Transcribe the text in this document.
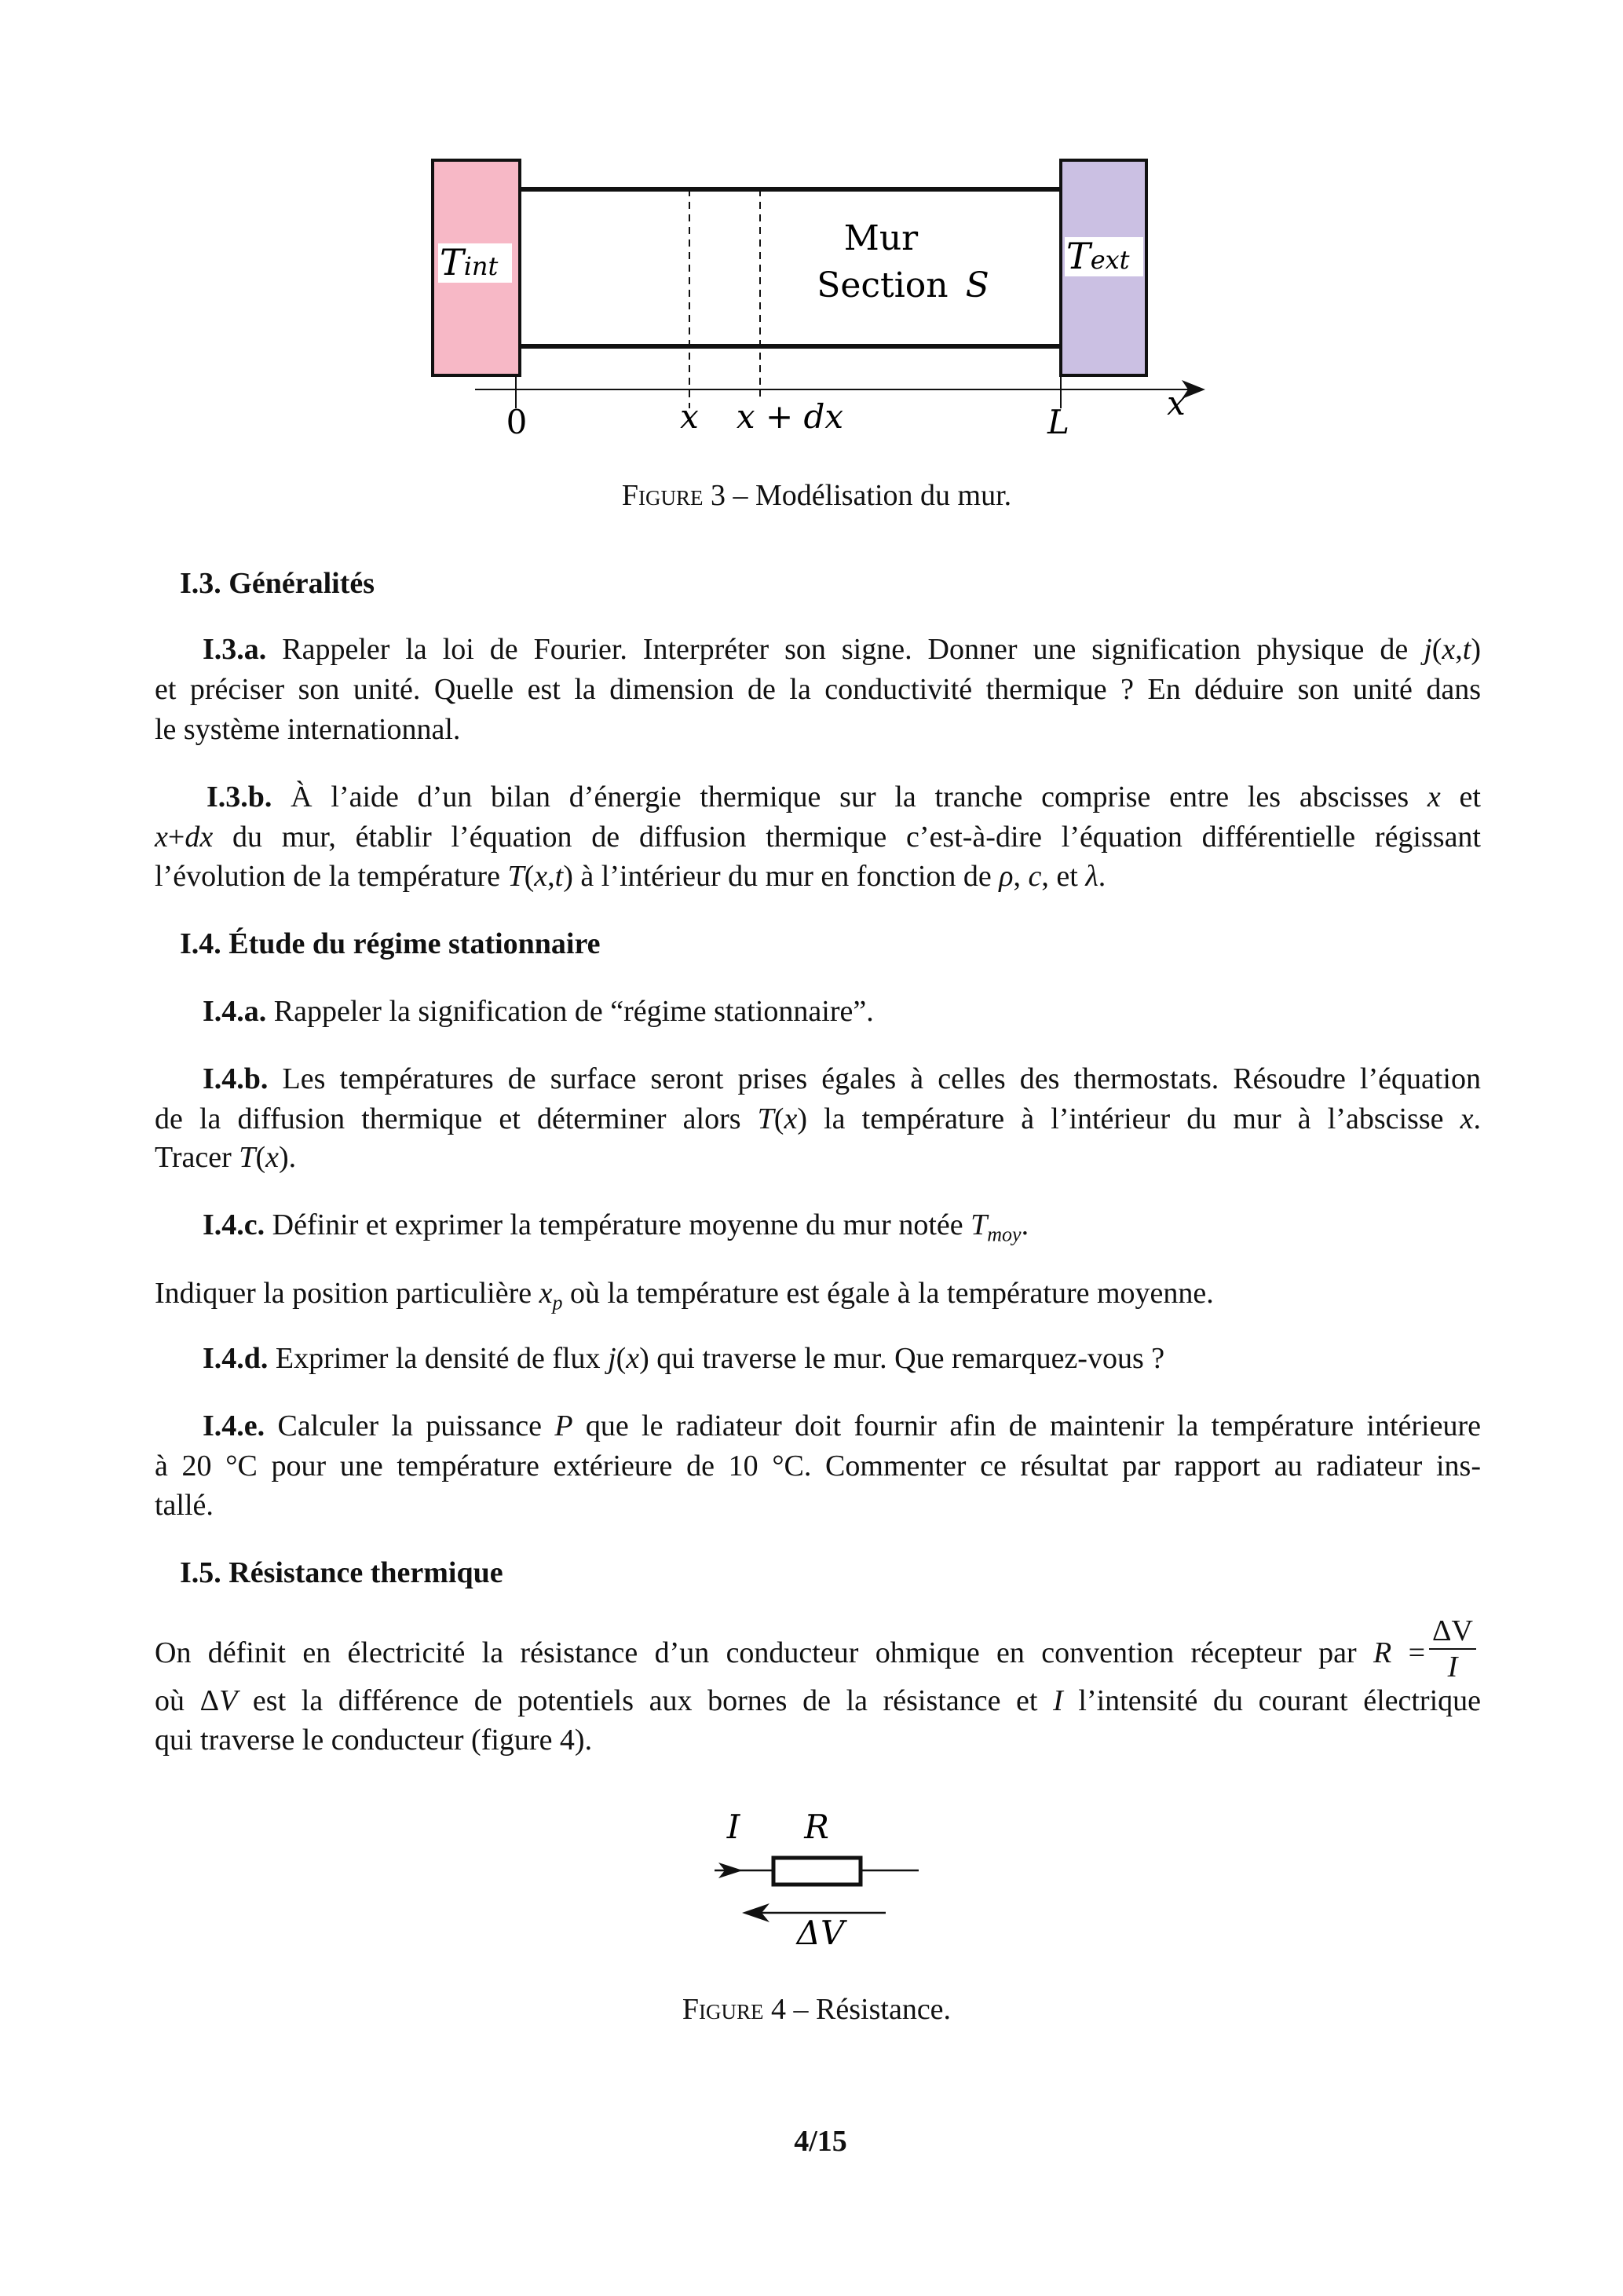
Tint	Text
Mur
Section S
0	x x + dx	L	x
Figure 3 – Modélisation du mur.
I.3. Généralités
I.4. Étude du régime stationnaire
I.5. Résistance thermique
I.3.a. Rappeler la loi de Fourier. Interpréter son signe. Donner une signification physique de j(x,t)
et préciser son unité. Quelle est la dimension de la conductivité thermique ? En déduire son unité dans
le système internationnal.
I.3.b. À l’aide d’un bilan d’énergie thermique sur la tranche comprise entre les abscisses x et
x+dx du mur, établir l’équation de diffusion thermique c’est-à-dire l’équation différentielle régissant
l’évolution de la température T(x,t) à l’intérieur du mur en fonction de ρ, c, et λ.
I.4.a. Rappeler la signification de “régime stationnaire”.
I.4.b. Les températures de surface seront prises égales à celles des thermostats. Résoudre l’équation
de la diffusion thermique et déterminer alors T(x) la température à l’intérieur du mur à l’abscisse x.
Tracer T(x).
I.4.c. Définir et exprimer la température moyenne du mur notée $T_{moy}$.
Indiquer la position particulière $x_p$ où la température est égale à la température moyenne.
I.4.d. Exprimer la densité de flux j(x) qui traverse le mur. Que remarquez-vous ?
I.4.e. Calculer la puissance P que le radiateur doit fournir afin de maintenir la température intérieure
à 20 °C pour une température extérieure de 10 °C. Commenter ce résultat par rapport au radiateur ins-
tallé.
On définit en électricité la résistance d’un conducteur ohmique en convention récepteur par R =
où ΔV est la différence de potentiels aux bornes de la résistance et I l’intensité du courant électrique
qui traverse le conducteur (figure 4).
$\frac{\Delta V}{I}$
I R
ΔV
Figure 4 – Résistance.
4/15
